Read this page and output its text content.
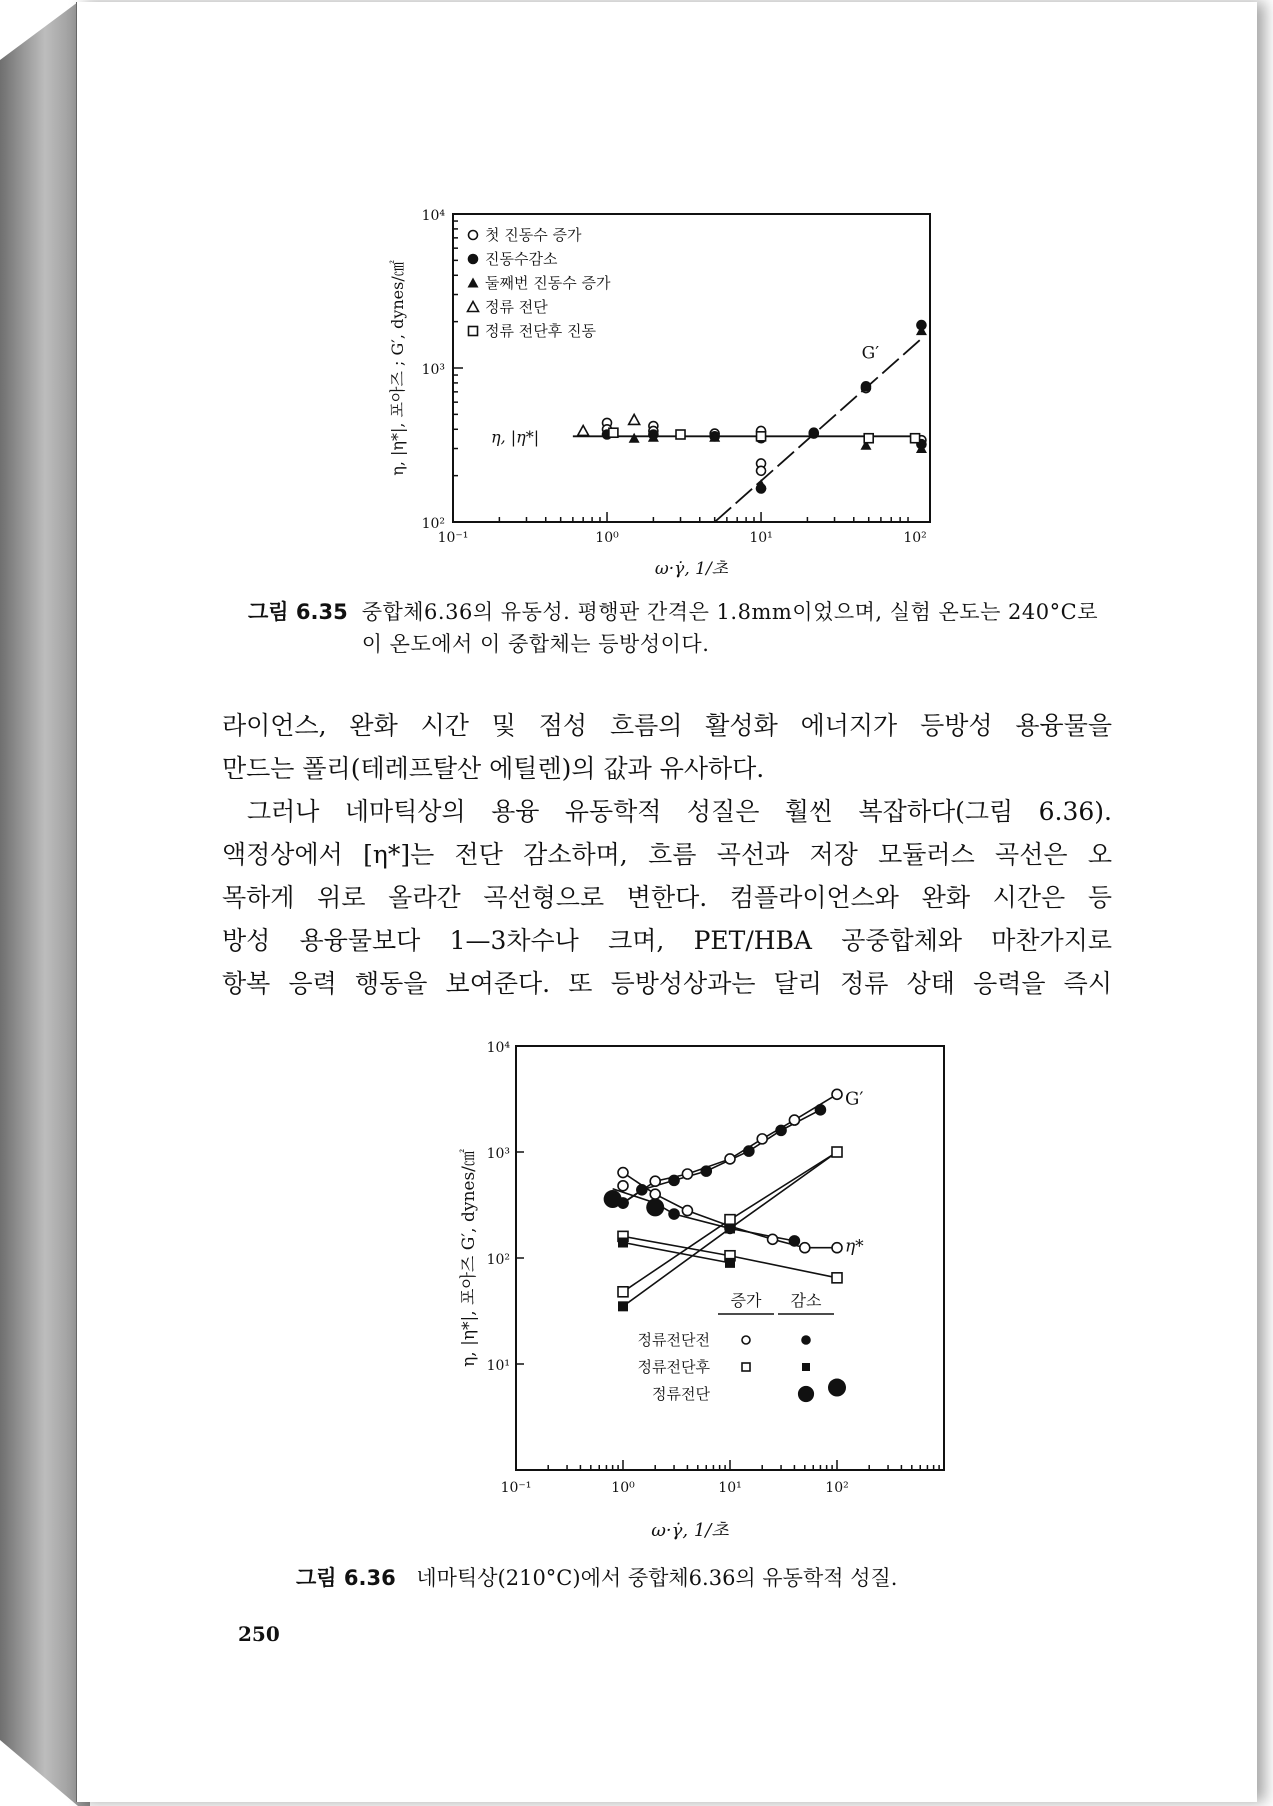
10⁻¹	10⁰	10¹	10²
10²
10³
10⁴
ω·γ̇, 1/초
η, |η*|, 포아즈 ; G′, dynes/㎠	η, |η*|
G′
첫 진동수 증가
진동수감소
둘째번 진동수 증가
정류 전단
정류 전단후 진동
그림 6.35 중합체6.36의 유동성. 평행판 간격은 1.8mm이었으며, 실험 온도는 240°C로 이 온도에서 이 중합체는 등방성이다.

라이언스, 완화 시간 및 점성 흐름의 활성화 에너지가 등방성 용융물을

만드는 폴리(테레프탈산 에틸렌)의 값과 유사하다.

그러나 네마틱상의 용융 유동학적 성질은 훨씬 복잡하다(그림 6.36).

액정상에서 [η*]는 전단 감소하며, 흐름 곡선과 저장 모듈러스 곡선은 오

목하게 위로 올라간 곡선형으로 변한다. 컴플라이언스와 완화 시간은 등

방성 용융물보다 1—3차수나 크며, PET/HBA 공중합체와 마찬가지로

항복 응력 행동을 보여준다. 또 등방성상과는 달리 정류 상태 응력을 즉시

10⁻¹	10⁰	10¹	10²
10¹
10²
10³
10⁴
ω·γ̇, 1/초
η, |η*|, 포아즈 G′, dynes/㎠
G′
η*
증가 감소
정류전단전
정류전단후
정류전단
그림 6.36 네마틱상(210°C)에서 중합체6.36의 유동학적 성질.
250
